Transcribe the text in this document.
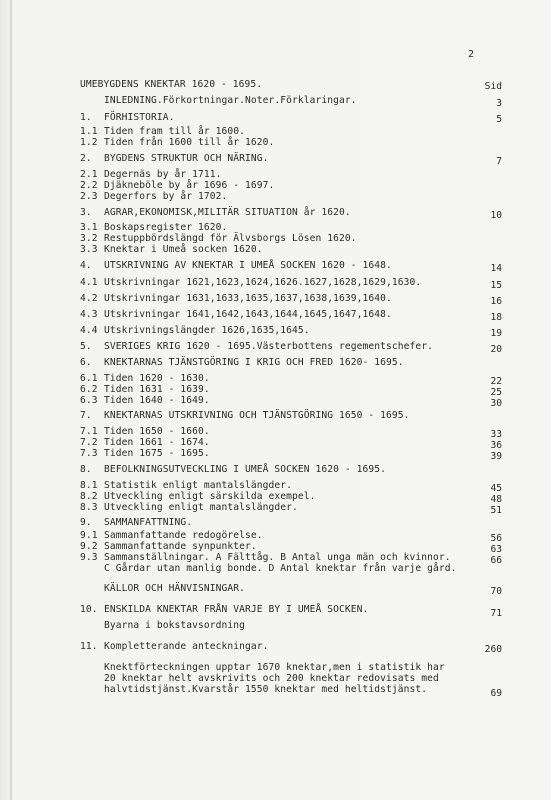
2
UMEBYGDENS KNEKTAR 1620 - 1695.	Sid
INLEDNING.Förkortningar.Noter.Förklaringar.	3
1. FÖRHISTORIA.	5
1.1 Tiden fram till år 1600.
1.2 Tiden från 1600 till år 1620.
2. BYGDENS STRUKTUR OCH NÄRING.	7
2.1 Degernäs by år 1711.
2.2 Djäkneböle by år 1696 - 1697.
2.3 Degerfors by år 1702.
3. AGRAR,EKONOMISK,MILITÄR SITUATION år 1620.	10
3.1 Boskapsregister 1620.
3.2 Restuppbördslängd för Älvsborgs Lösen 1620.
3.3 Knektar i Umeå socken 1620.
4. UTSKRIVNING AV KNEKTAR I UMEÅ SOCKEN 1620 - 1648.	14
4.1 Utskrivningar 1621,1623,1624,1626.1627,1628,1629,1630.	15
4.2 Utskrivningar 1631,1633,1635,1637,1638,1639,1640.	16
4.3 Utskrivningar 1641,1642,1643,1644,1645,1647,1648.	18
4.4 Utskrivningslängder 1626,1635,1645.	19
5. SVERIGES KRIG 1620 - 1695.Västerbottens regementschefer.	20
6. KNEKTARNAS TJÄNSTGÖRING I KRIG OCH FRED 1620- 1695.
6.1 Tiden 1620 - 1630.	22
6.2 Tiden 1631 - 1639.	25
6.3 Tiden 1640 - 1649.	30
7. KNEKTARNAS UTSKRIVNING OCH TJÄNSTGÖRING 1650 - 1695.
7.1 Tiden 1650 - 1660.	33
7.2 Tiden 1661 - 1674.	36
7.3 Tiden 1675 - 1695.	39
8. BEFOLKNINGSUTVECKLING I UMEÅ SOCKEN 1620 - 1695.
8.1 Statistik enligt mantalslängder.	45
8.2 Utveckling enligt särskilda exempel.	48
8.3 Utveckling enligt mantalslängder.	51
9. SAMMANFATTNING.
9.1 Sammanfattande redogörelse.	56
9.2 Sammanfattande synpunkter.	63
9.3 Sammanställningar. A Fälttåg. B Antal unga män och kvinnor.	66
C Gårdar utan manlig bonde. D Antal knektar från varje gård.
KÄLLOR OCH HÄNVISNINGAR.	70
10. ENSKILDA KNEKTAR FRÅN VARJE BY I UMEÅ SOCKEN.	71
Byarna i bokstavsordning
11. Kompletterande anteckningar.	260
Knektförteckningen upptar 1670 knektar,men i statistik har
20 knektar helt avskrivits och 200 knektar redovisats med
halvtidstjänst.Kvarstår 1550 knektar med heltidstjänst.	69
